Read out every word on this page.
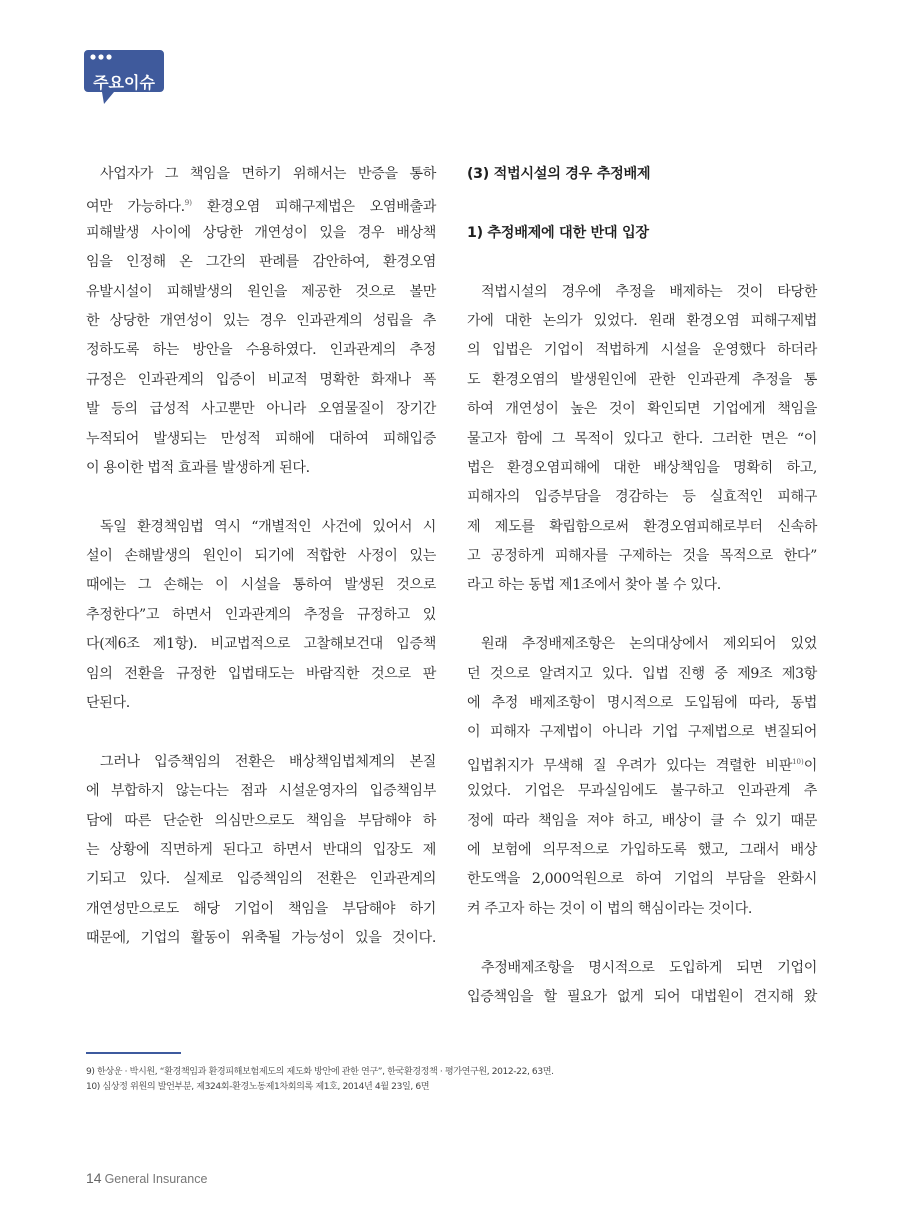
주요이슈
사업자가 그 책임을 면하기 위해서는 반증을 통하
여만 가능하다.$^{9)}$ 환경오염 피해구제법은 오염배출과
피해발생 사이에 상당한 개연성이 있을 경우 배상책
임을 인정해 온 그간의 판례를 감안하여, 환경오염
유발시설이 피해발생의 원인을 제공한 것으로 볼만
한 상당한 개연성이 있는 경우 인과관계의 성립을 추
정하도록 하는 방안을 수용하였다. 인과관계의 추정
규정은 인과관계의 입증이 비교적 명확한 화재나 폭
발 등의 급성적 사고뿐만 아니라 오염물질이 장기간
누적되어 발생되는 만성적 피해에 대하여 피해입증
이 용이한 법적 효과를 발생하게 된다.
독일 환경책임법 역시 “개별적인 사건에 있어서 시
설이 손해발생의 원인이 되기에 적합한 사정이 있는
때에는 그 손해는 이 시설을 통하여 발생된 것으로
추정한다”고 하면서 인과관계의 추정을 규정하고 있
다(제6조 제1항). 비교법적으로 고찰해보건대 입증책
임의 전환을 규정한 입법태도는 바람직한 것으로 판
단된다.
그러나 입증책임의 전환은 배상책임법체계의 본질
에 부합하지 않는다는 점과 시설운영자의 입증책임부
담에 따른 단순한 의심만으로도 책임을 부담해야 하
는 상황에 직면하게 된다고 하면서 반대의 입장도 제
기되고 있다. 실제로 입증책임의 전환은 인과관계의
개연성만으로도 해당 기업이 책임을 부담해야 하기
때문에, 기업의 활동이 위축될 가능성이 있을 것이다.
(3) 적법시설의 경우 추정배제
1) 추정배제에 대한 반대 입장
적법시설의 경우에 추정을 배제하는 것이 타당한
가에 대한 논의가 있었다. 원래 환경오염 피해구제법
의 입법은 기업이 적법하게 시설을 운영했다 하더라
도 환경오염의 발생원인에 관한 인과관계 추정을 통
하여 개연성이 높은 것이 확인되면 기업에게 책임을
물고자 함에 그 목적이 있다고 한다. 그러한 면은 “이
법은 환경오염피해에 대한 배상책임을 명확히 하고,
피해자의 입증부담을 경감하는 등 실효적인 피해구
제 제도를 확립함으로써 환경오염피해로부터 신속하
고 공정하게 피해자를 구제하는 것을 목적으로 한다”
라고 하는 동법 제1조에서 찾아 볼 수 있다.
원래 추정배제조항은 논의대상에서 제외되어 있었
던 것으로 알려지고 있다. 입법 진행 중 제9조 제3항
에 추정 배제조항이 명시적으로 도입됨에 따라, 동법
이 피해자 구제법이 아니라 기업 구제법으로 변질되어
입법취지가 무색해 질 우려가 있다는 격렬한 비판$^{10)}$이
있었다. 기업은 무과실임에도 불구하고 인과관계 추
정에 따라 책임을 져야 하고, 배상이 클 수 있기 때문
에 보험에 의무적으로 가입하도록 했고, 그래서 배상
한도액을 2,000억원으로 하여 기업의 부담을 완화시
켜 주고자 하는 것이 이 법의 핵심이라는 것이다.
추정배제조항을 명시적으로 도입하게 되면 기업이
입증책임을 할 필요가 없게 되어 대법원이 견지해 왔
9) 한상운 · 박시원, “환경책임과 환경피해보험제도의 제도화 방안에 관한 연구”, 한국환경정책 · 평가연구원, 2012-22, 63면.
10) 심상정 위원의 발언부분, 제324회-환경노동제1차회의록 제1호, 2014년 4월 23일, 6면
14 General Insurance
